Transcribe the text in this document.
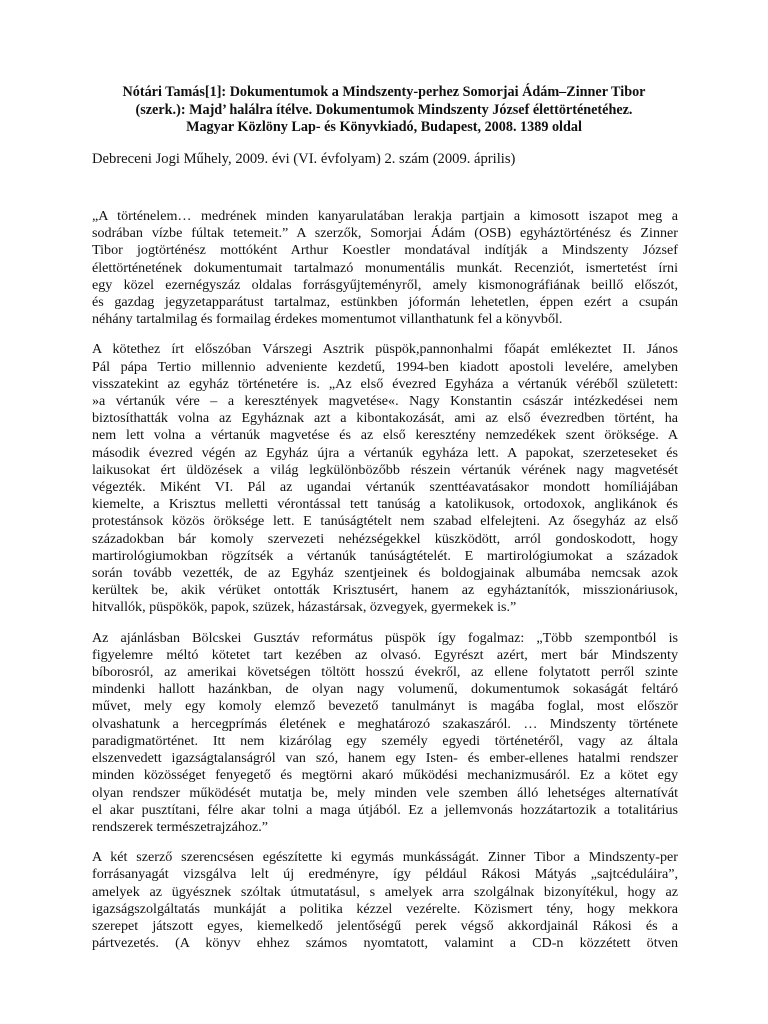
Nótári Tamás[1]: Dokumentumok a Mindszenty-perhez Somorjai Ádám–Zinner Tibor
(szerk.): Majd’ halálra ítélve. Dokumentumok Mindszenty József élettörténetéhez.
Magyar Közlöny Lap- és Könyvkiadó, Budapest, 2008. 1389 oldal

Debreceni Jogi Műhely, 2009. évi (VI. évfolyam) 2. szám (2009. április)

„A történelem… medrének minden kanyarulatában lerakja partjain a kimosott iszapot meg a
sodrában vízbe fúltak tetemeit.” A szerzők, Somorjai Ádám (OSB) egyháztörténész és Zinner
Tibor jogtörténész mottóként Arthur Koestler mondatával indítják a Mindszenty József
élettörténetének dokumentumait tartalmazó monumentális munkát. Recenziót, ismertetést írni
egy közel ezernégyszáz oldalas forrásgyűjteményről, amely kismonográfiának beillő előszót,
és gazdag jegyzetapparátust tartalmaz, estünkben jóformán lehetetlen, éppen ezért a csupán
néhány tartalmilag és formailag érdekes momentumot villanthatunk fel a könyvből.

A kötethez írt előszóban Várszegi Asztrik püspök,pannonhalmi főapát emlékeztet II. János
Pál pápa Tertio millennio adveniente kezdetű, 1994-ben kiadott apostoli levelére, amelyben
visszatekint az egyház történetére is. „Az első évezred Egyháza a vértanúk véréből született:
»a vértanúk vére – a keresztények magvetése«. Nagy Konstantin császár intézkedései nem
biztosíthatták volna az Egyháznak azt a kibontakozását, ami az első évezredben történt, ha
nem lett volna a vértanúk magvetése és az első keresztény nemzedékek szent öröksége. A
második évezred végén az Egyház újra a vértanúk egyháza lett. A papokat, szerzeteseket és
laikusokat ért üldözések a világ legkülönbözőbb részein vértanúk vérének nagy magvetését
végezték. Miként VI. Pál az ugandai vértanúk szenttéavatásakor mondott homíliájában
kiemelte, a Krisztus melletti vérontással tett tanúság a katolikusok, ortodoxok, anglikánok és
protestánsok közös öröksége lett. E tanúságtételt nem szabad elfelejteni. Az ősegyház az első
századokban bár komoly szervezeti nehézségekkel küszködött, arról gondoskodott, hogy
martirológiumokban rögzítsék a vértanúk tanúságtételét. E martirológiumokat a századok
során tovább vezették, de az Egyház szentjeinek és boldogjainak albumába nemcsak azok
kerültek be, akik vérüket ontották Krisztusért, hanem az egyháztanítók, misszionáriusok,
hitvallók, püspökök, papok, szüzek, házastársak, özvegyek, gyermekek is.”

Az ajánlásban Bölcskei Gusztáv református püspök így fogalmaz: „Több szempontból is
figyelemre méltó kötetet tart kezében az olvasó. Egyrészt azért, mert bár Mindszenty
bíborosról, az amerikai követségen töltött hosszú évekről, az ellene folytatott perről szinte
mindenki hallott hazánkban, de olyan nagy volumenű, dokumentumok sokaságát feltáró
művet, mely egy komoly elemző bevezető tanulmányt is magába foglal, most először
olvashatunk a hercegprímás életének e meghatározó szakaszáról. … Mindszenty története
paradigmatörténet. Itt nem kizárólag egy személy egyedi történetéről, vagy az általa
elszenvedett igazságtalanságról van szó, hanem egy Isten- és ember-ellenes hatalmi rendszer
minden közösséget fenyegető és megtörni akaró működési mechanizmusáról. Ez a kötet egy
olyan rendszer működését mutatja be, mely minden vele szemben álló lehetséges alternatívát
el akar pusztítani, félre akar tolni a maga útjából. Ez a jellemvonás hozzátartozik a totalitárius
rendszerek természetrajzához.”

A két szerző szerencsésen egészítette ki egymás munkásságát. Zinner Tibor a Mindszenty-per
forrásanyagát vizsgálva lelt új eredményre, így például Rákosi Mátyás „sajtcéduláira”,
amelyek az ügyésznek szóltak útmutatásul, s amelyek arra szolgálnak bizonyítékul, hogy az
igazságszolgáltatás munkáját a politika kézzel vezérelte. Közismert tény, hogy mekkora
szerepet játszott egyes, kiemelkedő jelentőségű perek végső akkordjainál Rákosi és a
pártvezetés. (A könyv ehhez számos nyomtatott, valamint a CD-n közzétett ötven
